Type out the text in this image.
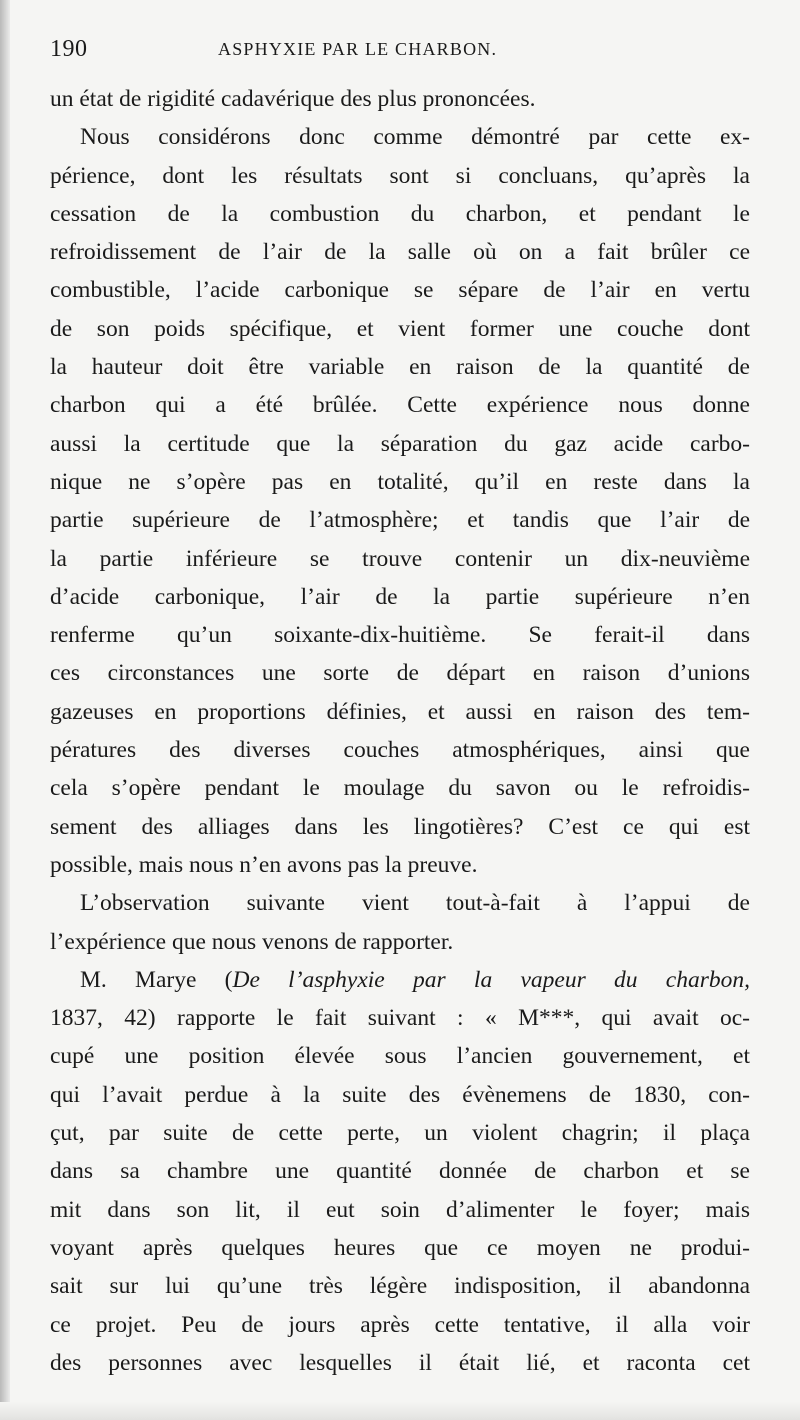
190	ASPHYXIE PAR LE CHARBON.
un état de rigidité cadavérique des plus prononcées.
Nous considérons donc comme démontré par cette ex-
périence, dont les résultats sont si concluans, qu’après la
cessation de la combustion du charbon, et pendant le
refroidissement de l’air de la salle où on a fait brûler ce
combustible, l’acide carbonique se sépare de l’air en vertu
de son poids spécifique, et vient former une couche dont
la hauteur doit être variable en raison de la quantité de
charbon qui a été brûlée. Cette expérience nous donne
aussi la certitude que la séparation du gaz acide carbo-
nique ne s’opère pas en totalité, qu’il en reste dans la
partie supérieure de l’atmosphère; et tandis que l’air de
la partie inférieure se trouve contenir un dix-neuvième
d’acide carbonique, l’air de la partie supérieure n’en
renferme qu’un soixante-dix-huitième. Se ferait-il dans
ces circonstances une sorte de départ en raison d’unions
gazeuses en proportions définies, et aussi en raison des tem-
pératures des diverses couches atmosphériques, ainsi que
cela s’opère pendant le moulage du savon ou le refroidis-
sement des alliages dans les lingotières? C’est ce qui est
possible, mais nous n’en avons pas la preuve.
L’observation suivante vient tout-à-fait à l’appui de
l’expérience que nous venons de rapporter.
M. Marye (De l’asphyxie par la vapeur du charbon,
1837, 42) rapporte le fait suivant : « M***, qui avait oc-
cupé une position élevée sous l’ancien gouvernement, et
qui l’avait perdue à la suite des évènemens de 1830, con-
çut, par suite de cette perte, un violent chagrin; il plaça
dans sa chambre une quantité donnée de charbon et se
mit dans son lit, il eut soin d’alimenter le foyer; mais
voyant après quelques heures que ce moyen ne produi-
sait sur lui qu’une très légère indisposition, il abandonna
ce projet. Peu de jours après cette tentative, il alla voir
des personnes avec lesquelles il était lié, et raconta cet
